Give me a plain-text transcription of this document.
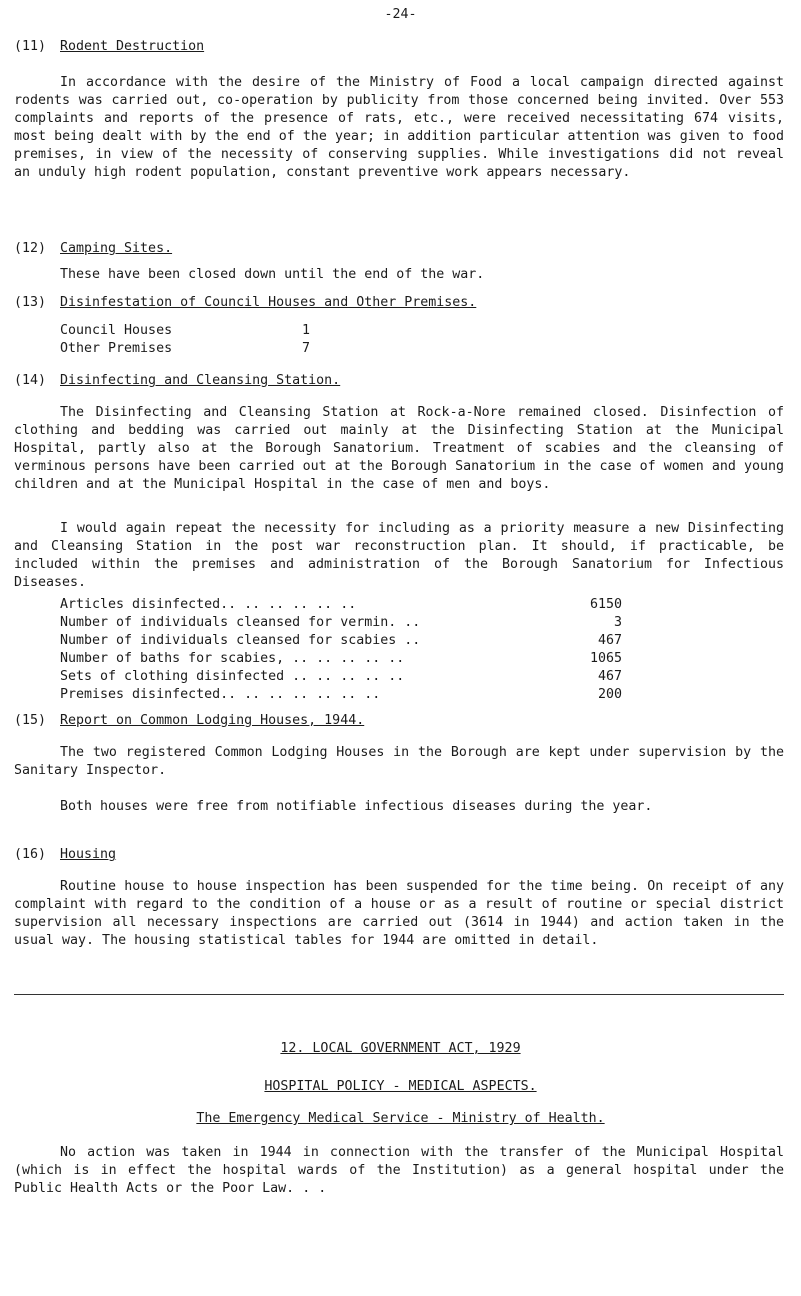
-24-
(11) Rodent Destruction

In accordance with the desire of the Ministry of Food a local campaign directed against rodents was carried out, co-operation by publicity from those concerned being invited. Over 553 complaints and reports of the presence of rats, etc., were received necessitating 674 visits, most being dealt with by the end of the year; in addition particular attention was given to food premises, in view of the necessity of conserving supplies. While investigations did not reveal an unduly high rodent population, constant preventive work appears necessary.

(12) Camping Sites.

These have been closed down until the end of the war.

(13) Disinfestation of Council Houses and Other Premises.
Council Houses	1
Other Premises	7
(14) Disinfecting and Cleansing Station.

The Disinfecting and Cleansing Station at Rock-a-Nore remained closed. Disinfection of clothing and bedding was carried out mainly at the Disinfecting Station at the Municipal Hospital, partly also at the Borough Sanatorium. Treatment of scabies and the cleansing of verminous persons have been carried out at the Borough Sanatorium in the case of women and young children and at the Municipal Hospital in the case of men and boys.

I would again repeat the necessity for including as a priority measure a new Disinfecting and Cleansing Station in the post war reconstruction plan. It should, if practicable, be included within the premises and administration of the Borough Sanatorium for Infectious Diseases.

Articles disinfected.. .. .. .. .. ..	6150
Number of individuals cleansed for vermin. ..	3
Number of individuals cleansed for scabies ..	467
Number of baths for scabies, .. .. .. .. ..	1065
Sets of clothing disinfected .. .. .. .. ..	467
Premises disinfected.. .. .. .. .. .. ..	200
(15) Report on Common Lodging Houses, 1944.

The two registered Common Lodging Houses in the Borough are kept under supervision by the Sanitary Inspector.

Both houses were free from notifiable infectious diseases during the year.

(16) Housing

Routine house to house inspection has been suspended for the time being. On receipt of any complaint with regard to the condition of a house or as a result of routine or special district supervision all necessary inspections are carried out (3614 in 1944) and action taken in the usual way. The housing statistical tables for 1944 are omitted in detail.

12. LOCAL GOVERNMENT ACT, 1929
HOSPITAL POLICY - MEDICAL ASPECTS.
The Emergency Medical Service - Ministry of Health.

No action was taken in 1944 in connection with the transfer of the Municipal Hospital (which is in effect the hospital wards of the Institution) as a general hospital under the Public Health Acts or the Poor Law. . .
